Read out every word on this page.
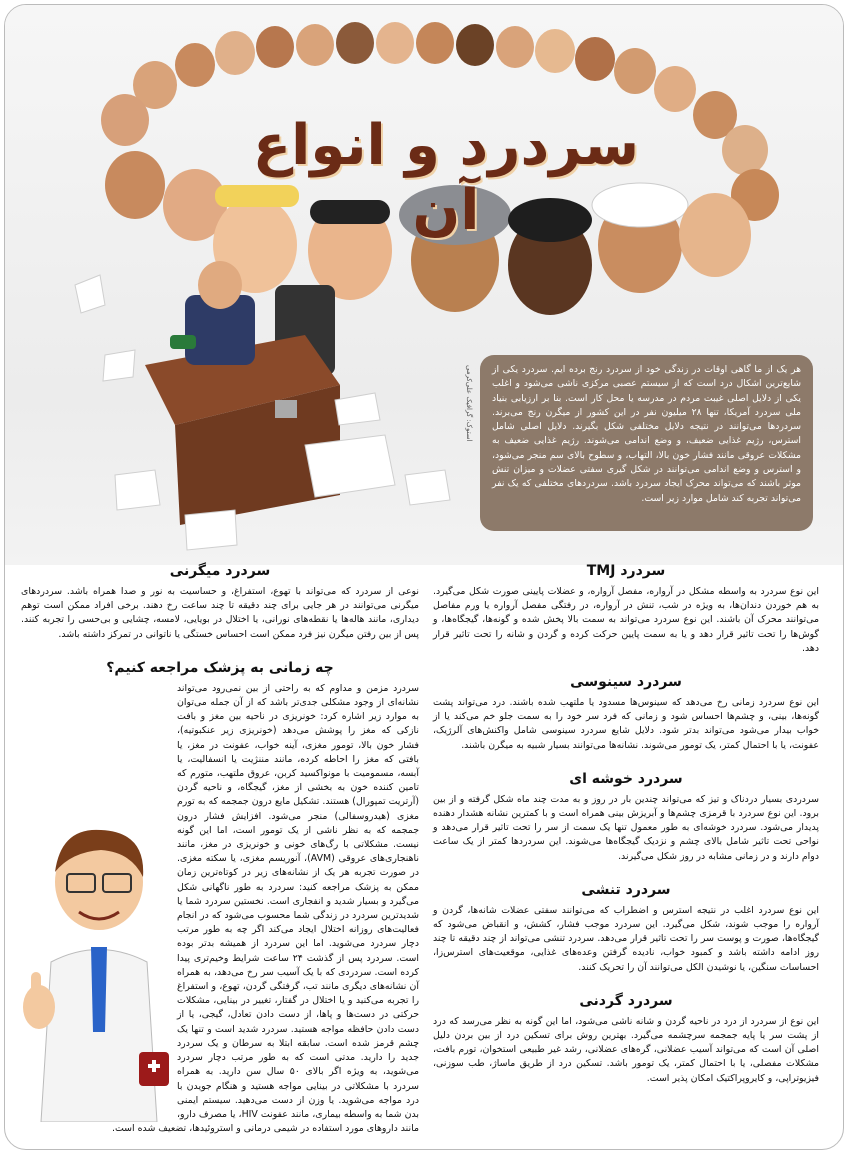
سردرد و انواع آن
استوک: گرافیک علی‌کرمی	هر یک از ما گاهی اوقات در زندگی خود از سردرد رنج برده ایم. سردرد یکی از شایع‌ترین اشکال درد است که از سیستم عصبی مرکزی ناشی می‌شود و اغلب یکی از دلایل اصلی غیبت مردم در مدرسه یا محل کار است. بنا بر ارزیابی بنیاد ملی سردرد آمریکا، تنها ۲۸ میلیون نفر در این کشور از میگرن رنج می‌برند. سردردها می‌توانند در نتیجه دلایل مختلفی شکل بگیرند. دلایل اصلی شامل استرس، رژیم غذایی ضعیف، و وضع اندامی می‌شوند. رژیم غذایی ضعیف به مشکلات عروقی مانند فشار خون بالا، التهاب، و سطوح بالای سم منجر می‌شود، و استرس و وضع اندامی می‌توانند در شکل گیری سفتی عضلات و میزان تنش موثر باشند که می‌تواند محرک ایجاد سردرد باشد. سردردهای مختلفی که یک نفر می‌تواند تجربه کند شامل موارد زیر است.
سردرد TMJ

این نوع سردرد به واسطه مشکل در آرواره، مفصل آرواره، و عضلات پایینی صورت شکل می‌گیرد. به هم خوردن دندان‌ها، به ویژه در شب، تنش در آرواره، در رفتگی مفصل آرواره یا ورم مفاصل می‌توانند محرک آن باشند. این نوع سردرد می‌تواند به سمت بالا پخش شده و گونه‌ها، گیجگاه‌ها، و گوش‌ها را تحت تاثیر قرار دهد و یا به سمت پایین حرکت کرده و گردن و شانه را تحت تاثیر قرار دهد.

سردرد سینوسی

این نوع سردرد زمانی رخ می‌دهد که سینوس‌ها مسدود یا ملتهب شده باشند. درد می‌تواند پشت گونه‌ها، بینی، و چشم‌ها احساس شود و زمانی که فرد سر خود را به سمت جلو خم می‌کند یا از خواب بیدار می‌شود می‌تواند بدتر شود. دلایل شایع سردرد سینوسی شامل واکنش‌های آلرژیک، عفونت، یا با احتمال کمتر، یک تومور می‌شوند. نشانه‌ها می‌توانند بسیار شبیه به میگرن باشند.

سردرد خوشه ای

سردردی بسیار دردناک و تیز که می‌تواند چندین بار در روز و به مدت چند ماه شکل گرفته و از بین برود. این نوع سردرد با قرمزی چشم‌ها و آبریزش بینی همراه است و با کمترین نشانه هشدار دهنده پدیدار می‌شود. سردرد خوشه‌ای به طور معمول تنها یک سمت از سر را تحت تاثیر قرار می‌دهد و نواحی تحت تاثیر شامل بالای چشم و نزدیک گیجگاه‌ها می‌شوند. این سردردها کمتر از یک ساعت دوام دارند و در زمانی مشابه در روز شکل می‌گیرند.

سردرد تنشی

این نوع سردرد اغلب در نتیجه استرس و اضطراب که می‌توانند سفتی عضلات شانه‌ها، گردن و آرواره را موجب شوند، شکل می‌گیرد. این سردرد موجب فشار، کشش، و انقباض می‌شود که گیجگاه‌ها، صورت و پوست سر را تحت تاثیر قرار می‌دهد. سردرد تنشی می‌تواند از چند دقیقه تا چند روز ادامه داشته باشد و کمبود خواب، نادیده گرفتن وعده‌های غذایی، موقعیت‌های استرس‌زا، احساسات سنگین، یا نوشیدن الکل می‌توانند آن را تحریک کنند.

سردرد گردنی

این نوع از سردرد از درد در ناحیه گردن و شانه ناشی می‌شود، اما این گونه به نظر می‌رسد که درد از پشت سر یا پایه جمجمه سرچشمه می‌گیرد. بهترین روش برای تسکین درد از بین بردن دلیل اصلی آن است که می‌تواند آسیب عضلانی، گره‌های عضلانی، رشد غیر طبیعی استخوان، تورم بافت، مشکلات مفصلی، یا با احتمال کمتر، یک تومور باشد. تسکین درد از طریق ماساژ، طب سوزنی، فیزیوتراپی، و کایروپراکتیک امکان پذیر است.

سردرد میگرنی

نوعی از سردرد که می‌تواند با تهوع، استفراغ، و حساسیت به نور و صدا همراه باشد. سردردهای میگرنی می‌توانند در هر جایی برای چند دقیقه تا چند ساعت رخ دهند. برخی افراد ممکن است توهم دیداری، مانند هاله‌ها یا نقطه‌های نورانی، یا اختلال در بویایی، لامسه، چشایی و بی‌حسی را تجربه کنند. پس از بین رفتن میگرن نیز فرد ممکن است احساس خستگی یا ناتوانی در تمرکز داشته باشد.

چه زمانی به پزشک مراجعه کنیم؟

سردرد مزمن و مداوم که به راحتی از بین نمی‌رود می‌تواند نشانه‌ای از وجود مشکلی جدی‌تر باشد که از آن جمله می‌توان به موارد زیر اشاره کرد: خونریزی در ناحیه بین مغز و بافت نازکی که مغز را پوشش می‌دهد (خونریزی زیر عنکبوتیه)، فشار خون بالا، تومور مغزی، آینه خواب، عفونت در مغز، یا بافتی که مغز را احاطه کرده، مانند مننژیت یا انسفالیت، یا آبسه، مسمومیت با مونواکسید کربن، عروق ملتهب، متورم که تامین کننده خون به بخشی از مغز، گیجگاه، و ناحیه گردن (آرتریت تمپورال) هستند. تشکیل مایع درون جمجمه که به تورم مغزی (هیدروسفالی) منجر می‌شود. افزایش فشار درون جمجمه که به نظر ناشی از یک تومور است، اما این گونه نیست. مشکلاتی با رگ‌های خونی و خونریزی در مغز، مانند ناهنجاری‌های عروقی (AVM)، آنوریسم مغزی، یا سکته مغزی. در صورت تجربه هر یک از نشانه‌های زیر در کوتاه‌ترین زمان ممکن به پزشک مراجعه کنید: سردرد به طور ناگهانی شکل می‌گیرد و بسیار شدید و انفجاری است. نخستین سردرد شما یا شدیدترین سردرد در زندگی شما محسوب می‌شود که در انجام فعالیت‌های روزانه اختلال ایجاد می‌کند اگر چه به طور مرتب دچار سردرد می‌شوید. اما این سردرد از همیشه بدتر بوده است. سردرد پس از گذشت ۲۴ ساعت شرایط وخیم‌تری پیدا کرده است. سردردی که با یک آسیب سر رخ می‌دهد، به همراه آن نشانه‌های دیگری مانند تب، گرفتگی گردن، تهوع، و استفراغ را تجربه می‌کنید و یا اختلال در گفتار، تغییر در بینایی، مشکلات حرکتی در دست‌ها و پاها، از دست دادن تعادل، گیجی، یا از دست دادن حافظه مواجه هستید. سردرد شدید است و تنها یک چشم قرمز شده است. سابقه ابتلا به سرطان و یک سردرد جدید را دارید. مدتی است که به طور مرتب دچار سردرد می‌شوید، به ویژه اگر بالای ۵۰ سال سن دارید. به همراه سردرد با مشکلاتی در بینایی مواجه هستید و هنگام جویدن با درد مواجه می‌شوید. یا وزن از دست می‌دهید. سیستم ایمنی بدن شما به واسطه بیماری، مانند عفونت HIV، یا مصرف دارو، مانند داروهای مورد استفاده در شیمی درمانی و استروئیدها، تضعیف شده است.
